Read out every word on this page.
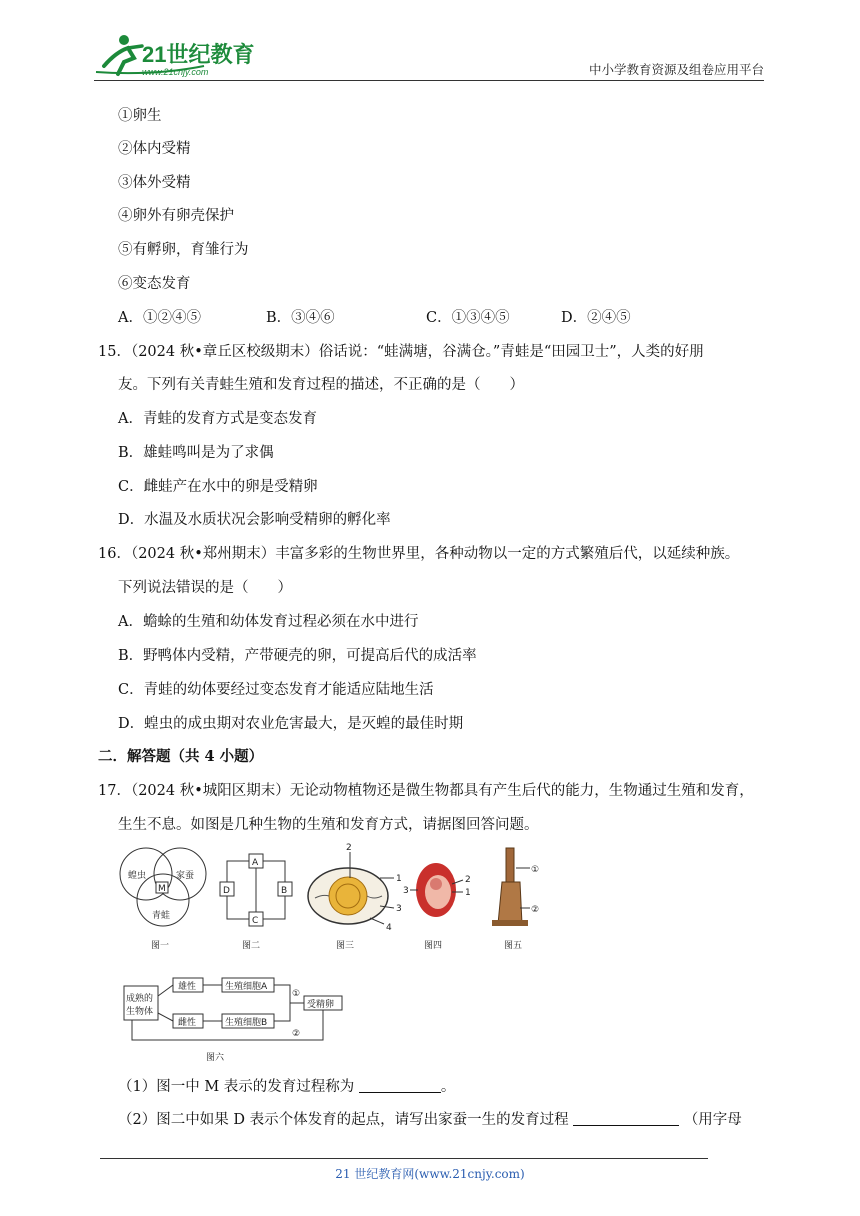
21世纪教育
www.21cnjy.com	中小学教育资源及组卷应用平台
①卵生
②体内受精
③体外受精
④卵外有卵壳保护
⑤有孵卵，育雏行为
⑥变态发育
A．①②④⑤	B．③④⑥	C．①③④⑤	D．②④⑤
15．（2024 秋•章丘区校级期末）俗话说：“蛙满塘，谷满仓。”青蛙是“田园卫士”，人类的好朋
友。下列有关青蛙生殖和发育过程的描述，不正确的是（　　）
A．青蛙的发育方式是变态发育
B．雄蛙鸣叫是为了求偶
C．雌蛙产在水中的卵是受精卵
D．水温及水质状况会影响受精卵的孵化率
16．（2024 秋•郑州期末）丰富多彩的生物世界里，各种动物以一定的方式繁殖后代，以延续种族。
下列说法错误的是（　　）
A．蟾蜍的生殖和幼体发育过程必须在水中进行
B．野鸭体内受精，产带硬壳的卵，可提高后代的成活率
C．青蛙的幼体要经过变态发育才能适应陆地生活
D．蝗虫的成虫期对农业危害最大，是灭蝗的最佳时期
二．解答题（共 4 小题）
17．（2024 秋•城阳区期末）无论动物植物还是微生物都具有产生后代的能力，生物通过生殖和发育，
生生不息。如图是几种生物的生殖和发育方式，请据图回答问题。
蝗虫	家蚕
青蛙
M
图一
A
B
C
D
图二
2
1
3
4
图三
3
2
1
图四
①
②
图五
成熟的
生物体
雄性
雌性
生殖细胞A
生殖细胞B
受精卵
①
②
图六
（1）图一中 M 表示的发育过程称为	。
（2）图二中如果 D 表示个体发育的起点，请写出家蚕一生的发育过程	（用字母
21 世纪教育网(www.21cnjy.com)
